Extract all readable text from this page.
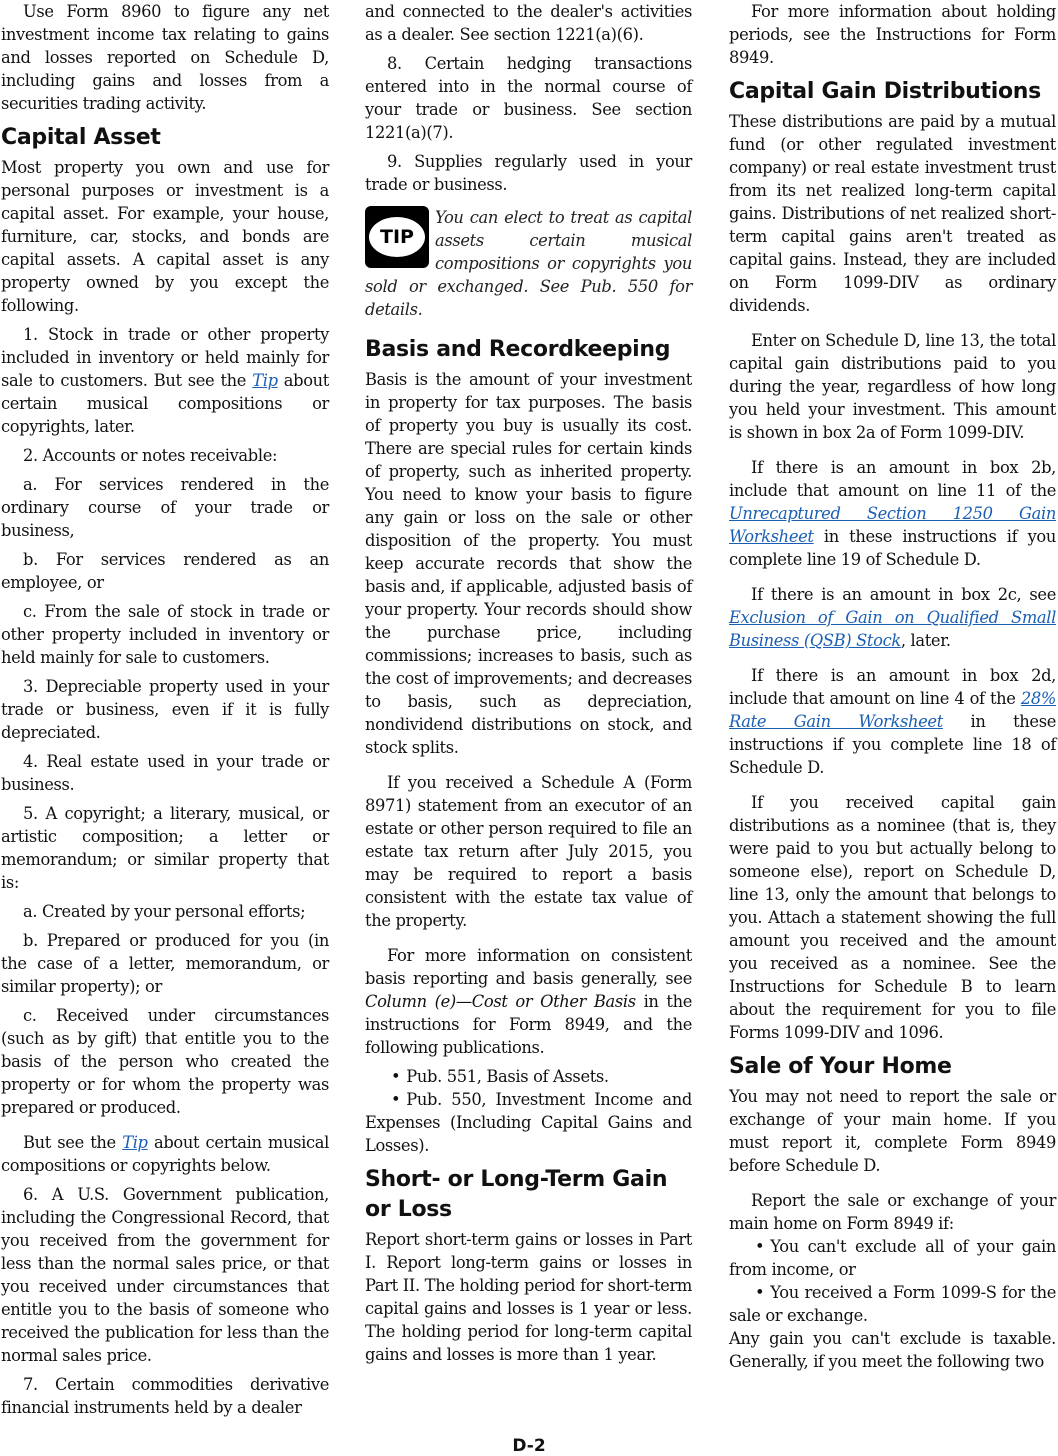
Use Form 8960 to figure any net investment income tax relating to gains and losses reported on Schedule D, including gains and losses from a securities trading activity.

Capital Asset

Most property you own and use for personal purposes or investment is a capital asset. For example, your house, furniture, car, stocks, and bonds are capital assets. A capital asset is any property owned by you except the following.

1. Stock in trade or other property included in inventory or held mainly for sale to customers. But see the Tip about certain musical compositions or copyrights, later.

2. Accounts or notes receivable:

a. For services rendered in the ordinary course of your trade or business,

b. For services rendered as an employee, or

c. From the sale of stock in trade or other property included in inventory or held mainly for sale to customers.

3. Depreciable property used in your trade or business, even if it is fully depreciated.

4. Real estate used in your trade or business.

5. A copyright; a literary, musical, or artistic composition; a letter or memorandum; or similar property that is:

a. Created by your personal efforts;

b. Prepared or produced for you (in the case of a letter, memorandum, or similar property); or

c. Received under circumstances (such as by gift) that entitle you to the basis of the person who created the property or for whom the property was prepared or produced.

But see the Tip about certain musical compositions or copyrights below.

6. A U.S. Government publication, including the Congressional Record, that you received from the government for less than the normal sales price, or that you received under circumstances that entitle you to the basis of someone who received the publication for less than the normal sales price.

7. Certain commodities derivative financial instruments held by a dealer

and connected to the dealer's activities as a dealer. See section 1221(a)(6).

8. Certain hedging transactions entered into in the normal course of your trade or business. See section 1221(a)(7).

9. Supplies regularly used in your trade or business.

TIP

You can elect to treat as capital assets certain musical compositions or copyrights you sold or exchanged. See Pub. 550 for details.

Basis and Recordkeeping

Basis is the amount of your investment in property for tax purposes. The basis of property you buy is usually its cost. There are special rules for certain kinds of property, such as inherited property. You need to know your basis to figure any gain or loss on the sale or other disposition of the property. You must keep accurate records that show the basis and, if applicable, adjusted basis of your property. Your records should show the purchase price, including commissions; increases to basis, such as the cost of improvements; and decreases to basis, such as depreciation, nondividend distributions on stock, and stock splits.

If you received a Schedule A (Form 8971) statement from an executor of an estate or other person required to file an estate tax return after July 2015, you may be required to report a basis consistent with the estate tax value of the property.

For more information on consistent basis reporting and basis generally, see Column (e)—Cost or Other Basis in the instructions for Form 8949, and the following publications.

• Pub. 551, Basis of Assets.

• Pub. 550, Investment Income and Expenses (Including Capital Gains and Losses).

Short- or Long-Term Gain or Loss

Report short-term gains or losses in Part I. Report long-term gains or losses in Part II. The holding period for short-term capital gains and losses is 1 year or less. The holding period for long-term capital gains and losses is more than 1 year.

For more information about holding periods, see the Instructions for Form 8949.

Capital Gain Distributions

These distributions are paid by a mutual fund (or other regulated investment company) or real estate investment trust from its net realized long-term capital gains. Distributions of net realized short-term capital gains aren't treated as capital gains. Instead, they are included on Form 1099-DIV as ordinary dividends.

Enter on Schedule D, line 13, the total capital gain distributions paid to you during the year, regardless of how long you held your investment. This amount is shown in box 2a of Form 1099-DIV.

If there is an amount in box 2b, include that amount on line 11 of the Unrecaptured Section 1250 Gain Worksheet in these instructions if you complete line 19 of Schedule D.

If there is an amount in box 2c, see Exclusion of Gain on Qualified Small Business (QSB) Stock, later.

If there is an amount in box 2d, include that amount on line 4 of the 28% Rate Gain Worksheet in these instructions if you complete line 18 of Schedule D.

If you received capital gain distributions as a nominee (that is, they were paid to you but actually belong to someone else), report on Schedule D, line 13, only the amount that belongs to you. Attach a statement showing the full amount you received and the amount you received as a nominee. See the Instructions for Schedule B to learn about the requirement for you to file Forms 1099-DIV and 1096.

Sale of Your Home

You may not need to report the sale or exchange of your main home. If you must report it, complete Form 8949 before Schedule D.

Report the sale or exchange of your main home on Form 8949 if:

• You can't exclude all of your gain from income, or

• You received a Form 1099-S for the sale or exchange.

Any gain you can't exclude is taxable. Generally, if you meet the following two

D-2
